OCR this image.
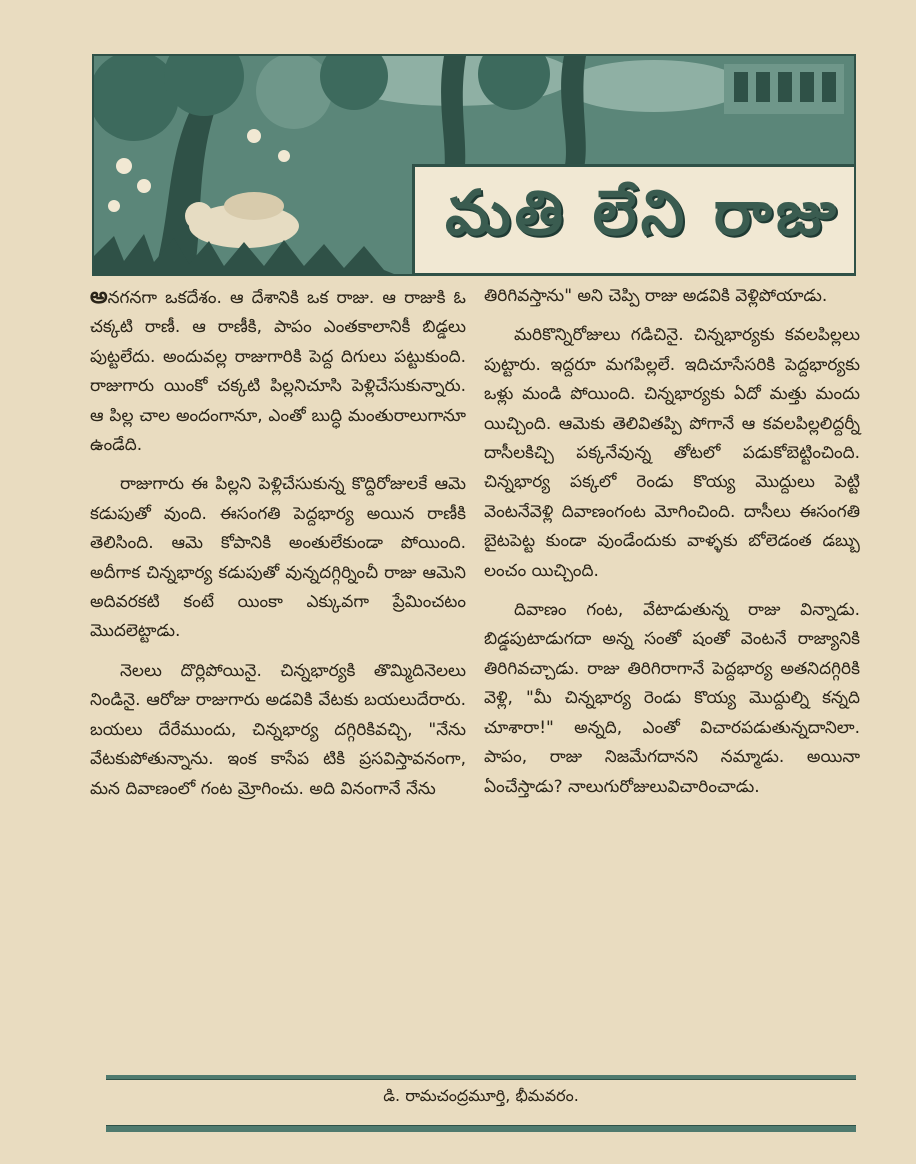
మతి లేని రాజు

అనగనగా ఒకదేశం. ఆ దేశానికి ఒక రాజు. ఆ రాజుకి ఓ చక్కటి రాణీ. ఆ రాణీకి, పాపం ఎంతకాలానికీ బిడ్డలు పుట్టలేదు. అందువల్ల రాజుగారికి పెద్ద దిగులు పట్టుకుంది. రాజుగారు యింకో చక్కటి పిల్లనిచూసి పెళ్లిచేసుకున్నారు. ఆ పిల్ల చాల అందంగానూ, ఎంతో బుద్ధి మంతురాలుగానూ ఉండేది.

రాజుగారు ఈ పిల్లని పెళ్లిచేసుకున్న కొద్దిరోజులకే ఆమె కడుపుతో వుంది. ఈసంగతి పెద్దభార్య అయిన రాణీకి తెలిసింది. ఆమె కోపానికి అంతులేకుండా పోయింది. అదీగాక చిన్నభార్య కడుపుతో వున్నదగ్గిర్నించీ రాజు ఆమెని అదివరకటి కంటే యింకా ఎక్కువగా ప్రేమించటం మొదలెట్టాడు.

నెలలు దొర్లిపోయినై. చిన్నభార్యకి తొమ్మిదినెలలు నిండినై. ఆరోజు రాజుగారు అడవికి వేటకు బయలుదేరారు. బయలు దేరేముందు, చిన్నభార్య దగ్గిరికివచ్చి, "నేను వేటకుపోతున్నాను. ఇంక కాసేప టికి ప్రసవిస్తావనంగా, మన దివాణంలో గంట మ్రోగించు. అది వినంగానే నేను

తిరిగివస్తాను" అని చెప్పి రాజు అడవికి వెళ్లిపోయాడు.

మరికొన్నిరోజులు గడిచినై. చిన్నభార్యకు కవలపిల్లలు పుట్టారు. ఇద్దరూ మగపిల్లలే. ఇదిచూసేసరికి పెద్దభార్యకు ఒళ్లు మండి పోయింది. చిన్నభార్యకు ఏదో మత్తు మందు యిచ్చింది. ఆమెకు తెలివితప్పి పోగానే ఆ కవలపిల్లలిద్దర్నీ దాసీలకిచ్చి పక్కనేవున్న తోటలో పడుకోబెట్టించింది. చిన్నభార్య పక్కలో రెండు కొయ్య మొద్దులు పెట్టి వెంటనేవెళ్లి దివాణంగంట మోగించింది. దాసీలు ఈసంగతి బైటపెట్ట కుండా వుండేందుకు వాళ్ళకు బోలెడంత డబ్బు లంచం యిచ్చింది.

దివాణం గంట, వేటాడుతున్న రాజు విన్నాడు. బిడ్డపుటాడుగదా అన్న సంతో షంతో వెంటనే రాజ్యానికి తిరిగివచ్చాడు. రాజు తిరిగిరాగానే పెద్దభార్య అతనిదగ్గిరికి వెళ్లి, "మీ చిన్నభార్య రెండు కొయ్య మొద్దుల్ని కన్నది చూశారా!" అన్నది, ఎంతో విచారపడుతున్నదానిలా. పాపం, రాజు నిజమేగదానని నమ్మాడు. అయినా ఏంచేస్తాడు? నాలుగురోజులువిచారించాడు.

డి. రామచంద్రమూర్తి, భీమవరం.
